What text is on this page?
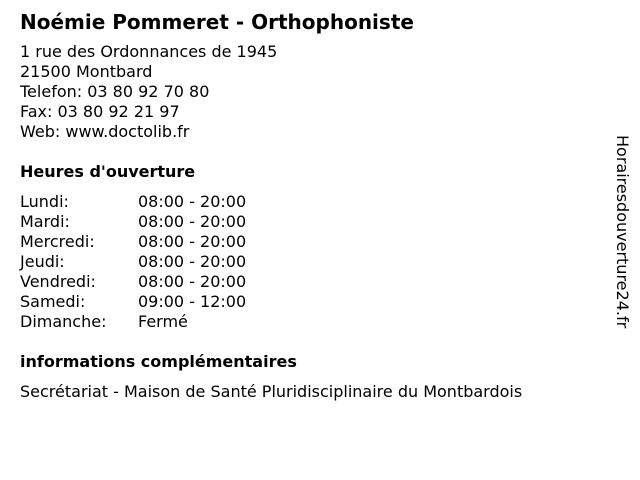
Noémie Pommeret - Orthophoniste
1 rue des Ordonnances de 1945
21500 Montbard
Telefon: 03 80 92 70 80
Fax: 03 80 92 21 97
Web: www.doctolib.fr
Heures d'ouverture
Lundi:	08:00 - 20:00
Mardi:	08:00 - 20:00
Mercredi:	08:00 - 20:00
Jeudi:	08:00 - 20:00
Vendredi:	08:00 - 20:00
Samedi:	09:00 - 12:00
Dimanche:	Fermé
informations complémentaires
Secrétariat - Maison de Santé Pluridisciplinaire du Montbardois
Horairesdouverture24.fr
